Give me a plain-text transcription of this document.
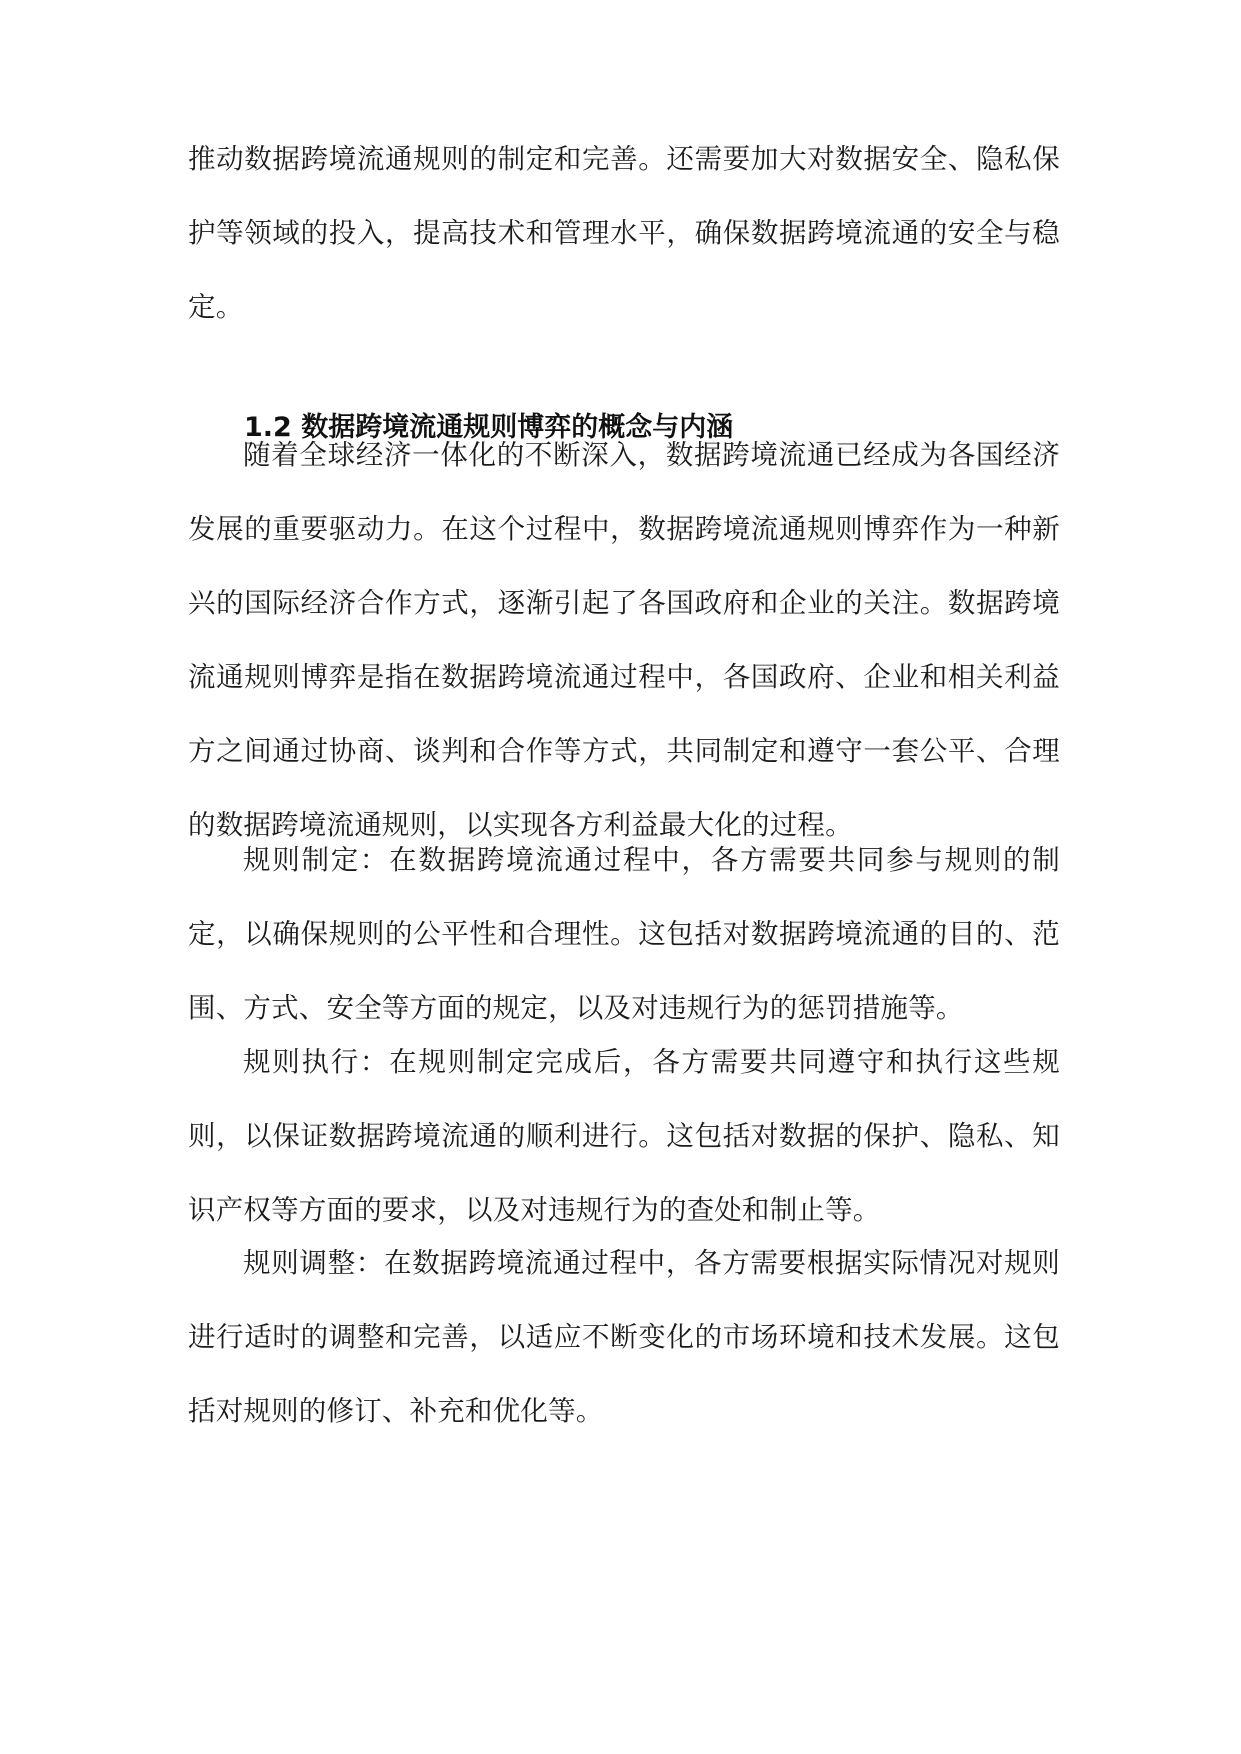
推动数据跨境流通规则的制定和完善。还需要加大对数据安全、隐私保护等领域的投入，提高技术和管理水平，确保数据跨境流通的安全与稳定。

1.2 数据跨境流通规则博弈的概念与内涵

随着全球经济一体化的不断深入，数据跨境流通已经成为各国经济发展的重要驱动力。在这个过程中，数据跨境流通规则博弈作为一种新兴的国际经济合作方式，逐渐引起了各国政府和企业的关注。数据跨境流通规则博弈是指在数据跨境流通过程中，各国政府、企业和相关利益方之间通过协商、谈判和合作等方式，共同制定和遵守一套公平、合理的数据跨境流通规则，以实现各方利益最大化的过程。

规则制定：在数据跨境流通过程中，各方需要共同参与规则的制定，以确保规则的公平性和合理性。这包括对数据跨境流通的目的、范围、方式、安全等方面的规定，以及对违规行为的惩罚措施等。

规则执行：在规则制定完成后，各方需要共同遵守和执行这些规则，以保证数据跨境流通的顺利进行。这包括对数据的保护、隐私、知识产权等方面的要求，以及对违规行为的查处和制止等。

规则调整：在数据跨境流通过程中，各方需要根据实际情况对规则进行适时的调整和完善，以适应不断变化的市场环境和技术发展。这包括对规则的修订、补充和优化等。
